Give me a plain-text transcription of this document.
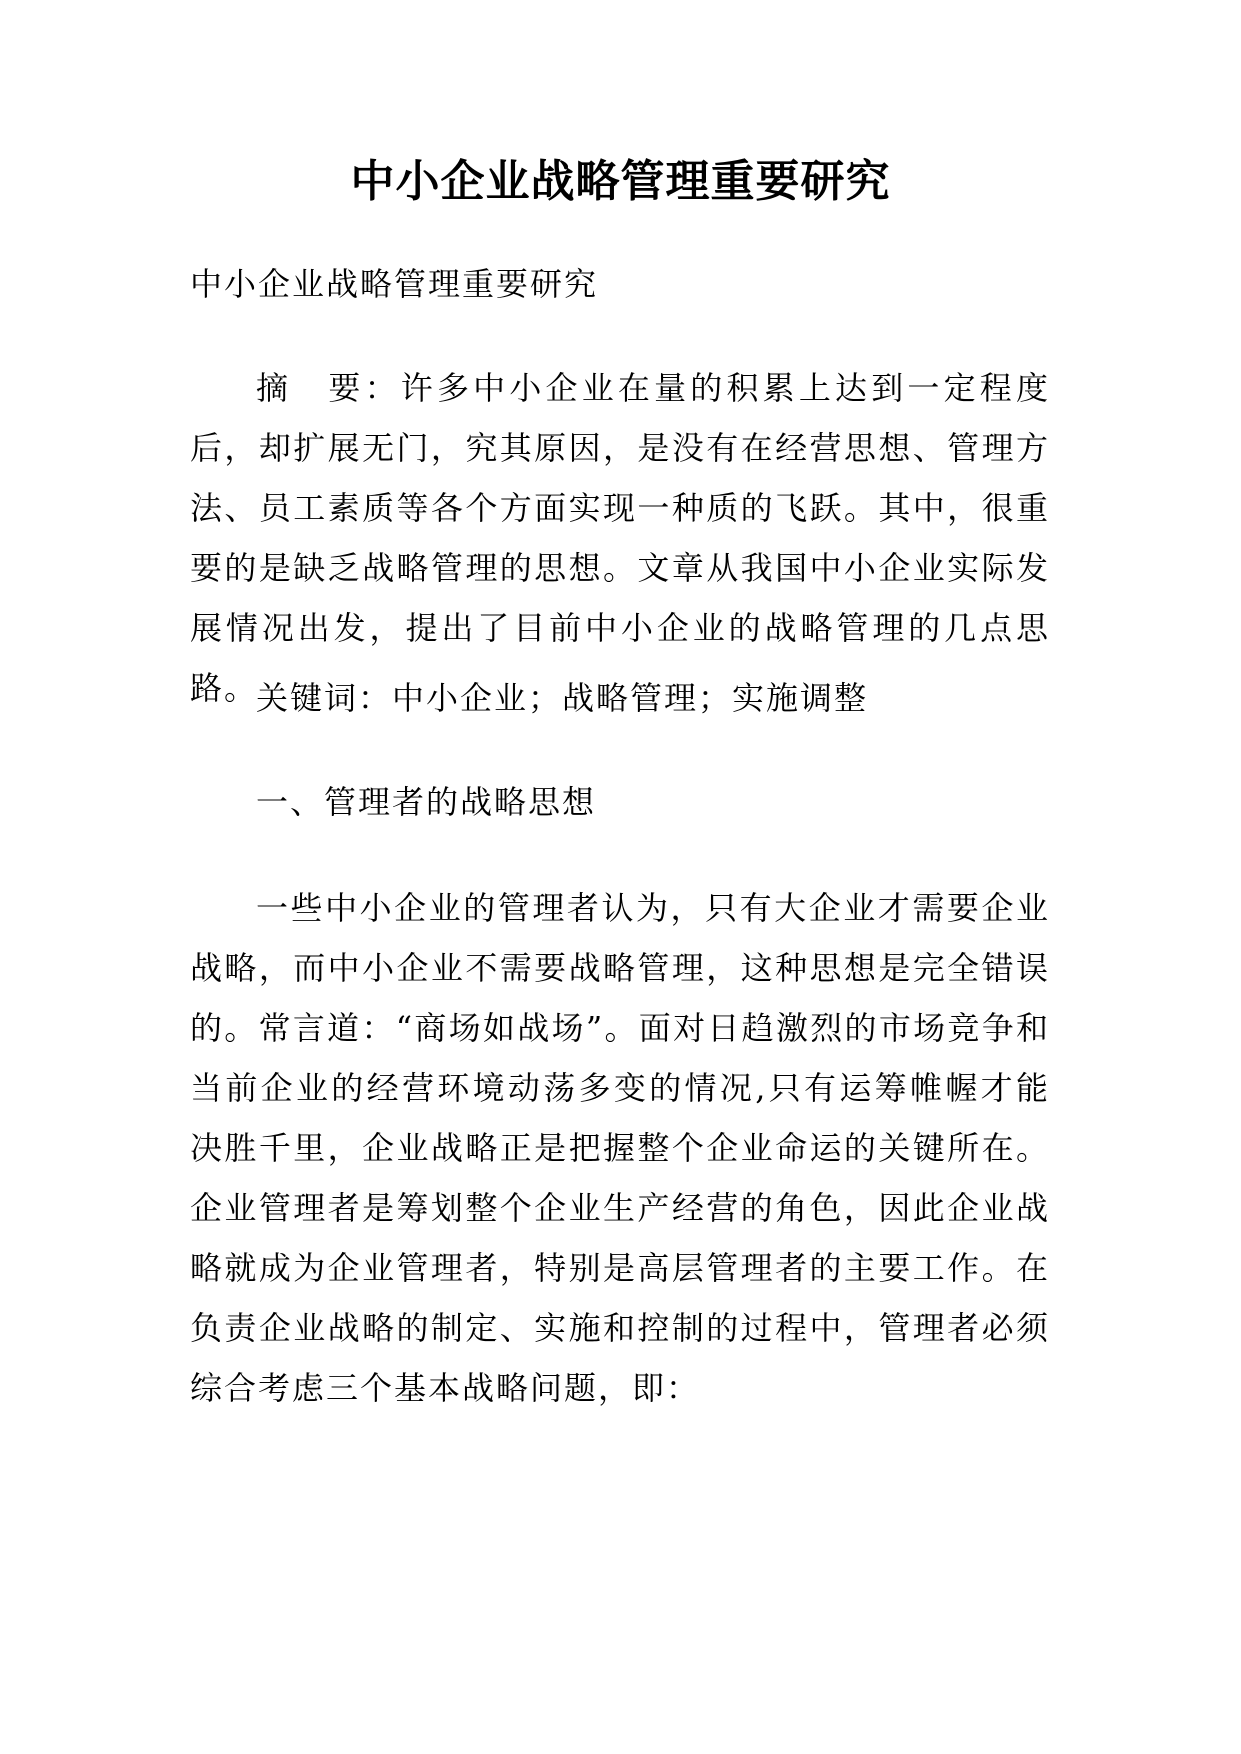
中小企业战略管理重要研究

中小企业战略管理重要研究

摘　要：许多中小企业在量的积累上达到一定程度后，却扩展无门，究其原因，是没有在经营思想、管理方法、员工素质等各个方面实现一种质的飞跃。其中，很重要的是缺乏战略管理的思想。文章从我国中小企业实际发展情况出发，提出了目前中小企业的战略管理的几点思路。

关键词：中小企业；战略管理；实施调整

一、管理者的战略思想

一些中小企业的管理者认为，只有大企业才需要企业战略，而中小企业不需要战略管理，这种思想是完全错误的。常言道：“商场如战场”。面对日趋激烈的市场竞争和当前企业的经营环境动荡多变的情况,只有运筹帷幄才能决胜千里，企业战略正是把握整个企业命运的关键所在。企业管理者是筹划整个企业生产经营的角色，因此企业战略就成为企业管理者，特别是高层管理者的主要工作。在负责企业战略的制定、实施和控制的过程中，管理者必须综合考虑三个基本战略问题，即：
